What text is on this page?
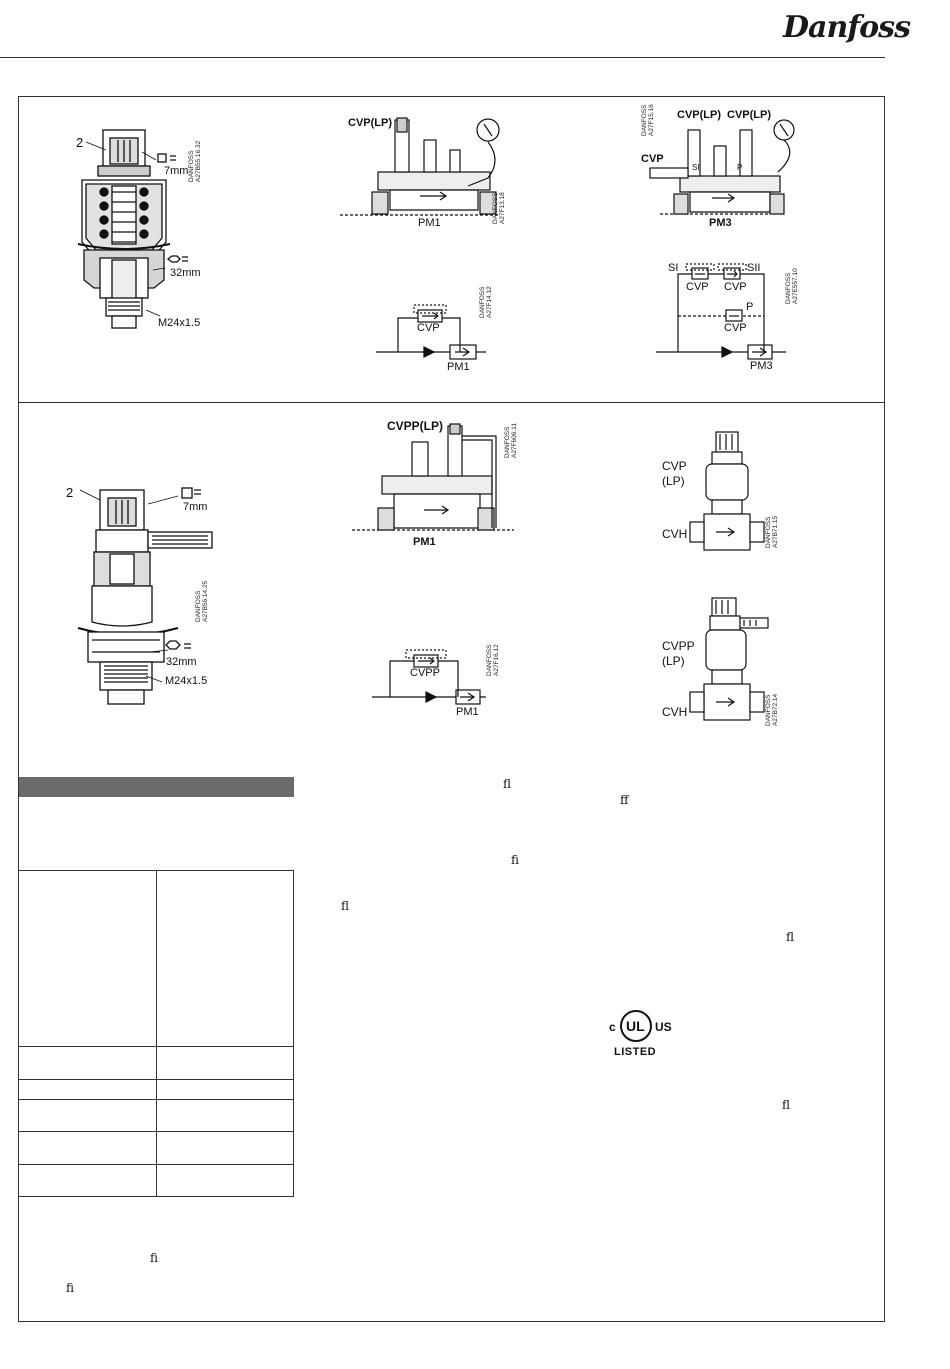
Danfoss
2
7mm
32mm
M24x1.5
DANFOSS A27B55.16.32
CVP(LP)
PM1	DANFOSS A27F13.18
CVP
PM1
DANFOSS A27F14.12
CVP(LP) CVP(LP)
CVP
SI	P
PM3
DANFOSS A27F15.16
SI	SII
CVP CVP
P
CVP
PM3
DANFOSS A27E557.10
2
7mm
32mm
M24x1.5
DANFOSS A27B56.14.25
CVPP(LP)
PM1
DANFOSS A27F606.11
CVPP
PM1
DANFOSS A27F16.12
CVP
(LP)
CVH	DANFOSS A27B71.15
CVPP
(LP)
CVH	DANFOSS A27B72.14
ﬂ
ﬀ
ﬁ
ﬂ
ﬂ
ﬂ
ﬁ
ﬁ
c UL US
LISTED
